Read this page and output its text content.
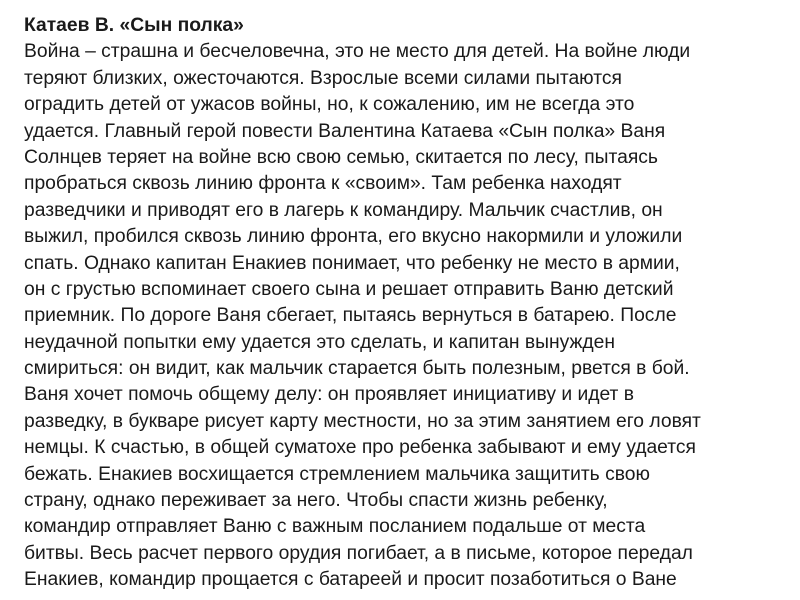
Катаев В. «Сын полка»
Война – страшна и бесчеловечна, это не место для детей. На войне люди
теряют близких, ожесточаются. Взрослые всеми силами пытаются
оградить детей от ужасов войны, но, к сожалению, им не всегда это
удается. Главный герой повести Валентина Катаева «Сын полка» Ваня
Солнцев теряет на войне всю свою семью, скитается по лесу, пытаясь
пробраться сквозь линию фронта к «своим». Там ребенка находят
разведчики и приводят его в лагерь к командиру. Мальчик счастлив, он
выжил, пробился сквозь линию фронта, его вкусно накормили и уложили
спать. Однако капитан Енакиев понимает, что ребенку не место в армии,
он с грустью вспоминает своего сына и решает отправить Ваню детский
приемник. По дороге Ваня сбегает, пытаясь вернуться в батарею. После
неудачной попытки ему удается это сделать, и капитан вынужден
смириться: он видит, как мальчик старается быть полезным, рвется в бой.
Ваня хочет помочь общему делу: он проявляет инициативу и идет в
разведку, в букваре рисует карту местности, но за этим занятием его ловят
немцы. К счастью, в общей суматохе про ребенка забывают и ему удается
бежать. Енакиев восхищается стремлением мальчика защитить свою
страну, однако переживает за него. Чтобы спасти жизнь ребенку,
командир отправляет Ваню с важным посланием подальше от места
битвы. Весь расчет первого орудия погибает, а в письме, которое передал
Енакиев, командир прощается с батареей и просит позаботиться о Ване
